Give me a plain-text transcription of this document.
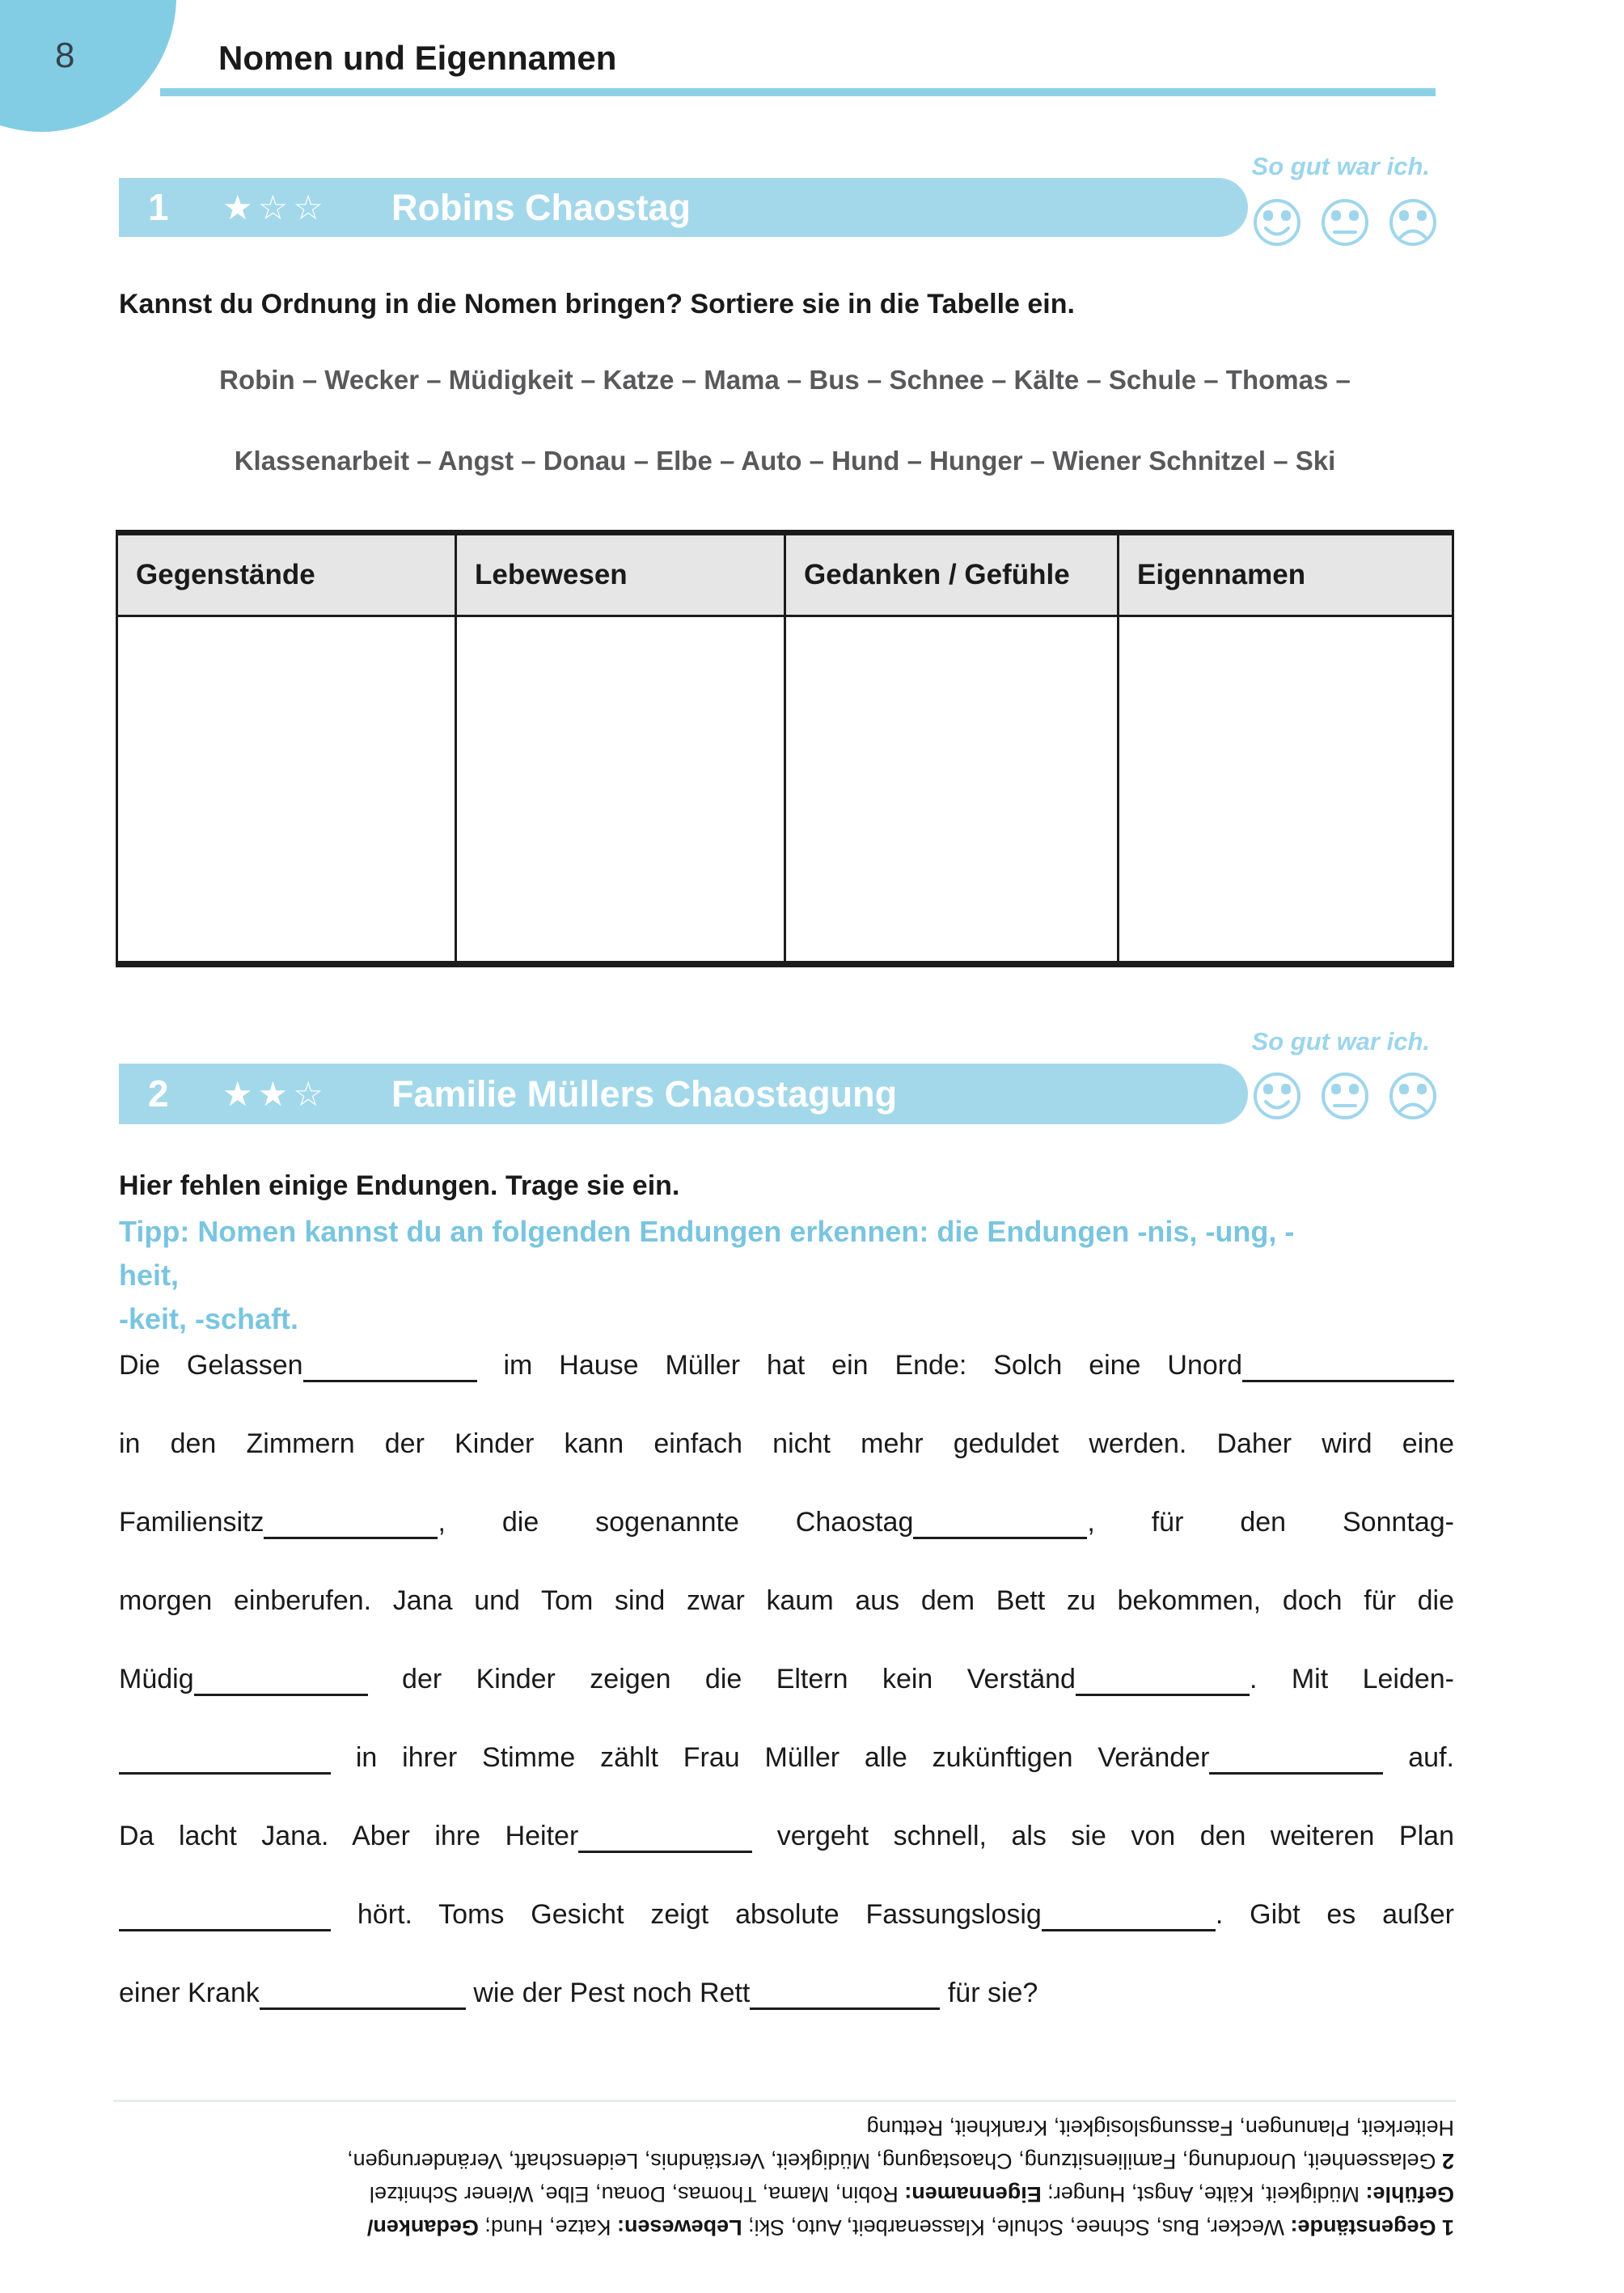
8	Nomen und Eigennamen
So gut war ich.
1 ★☆☆ Robins Chaostag
Kannst du Ordnung in die Nomen bringen? Sortiere sie in die Tabelle ein.
Robin – Wecker – Müdigkeit – Katze – Mama – Bus – Schnee – Kälte – Schule – Thomas –
Klassenarbeit – Angst – Donau – Elbe – Auto – Hund – Hunger – Wiener Schnitzel – Ski
Gegenstände	Lebewesen	Gedanken / Gefühle	Eigennamen
So gut war ich.
2 ★★☆ Familie Müllers Chaostagung
Hier fehlen einige Endungen. Trage sie ein.
Tipp: Nomen kannst du an folgenden Endungen erkennen: die Endungen -nis, -ung, -heit,
-keit, -schaft.
Die Gelassen	im Hause Müller hat ein Ende: Solch eine Unord
in den Zimmern der Kinder kann einfach nicht mehr geduldet werden. Daher wird eine
Familiensitz	, die sogenannte Chaostag	, für den Sonntag-
morgen einberufen. Jana und Tom sind zwar kaum aus dem Bett zu bekommen, doch für die
Müdig	der Kinder zeigen die Eltern kein Verständ	. Mit Leiden-
in ihrer Stimme zählt Frau Müller alle zukünftigen Veränder	auf.
Da lacht Jana. Aber ihre Heiter	vergeht schnell, als sie von den weiteren Plan
hört. Toms Gesicht zeigt absolute Fassungslosig	. Gibt es außer
einer Krank	wie der Pest noch Rett	für sie?
1 Gegenstände: Wecker, Bus, Schnee, Schule, Klassenarbeit, Auto, Ski; Lebewesen: Katze, Hund; Gedanken/
Gefühle: Müdigkeit, Kälte, Angst, Hunger; Eigennamen: Robin, Mama, Thomas, Donau, Elbe, Wiener Schnitzel
2 Gelassenheit, Unordnung, Familiensitzung, Chaostagung, Müdigkeit, Verständnis, Leidenschaft, Veränderungen,
Heiterkeit, Planungen, Fassungslosigkeit, Krankheit, Rettung
